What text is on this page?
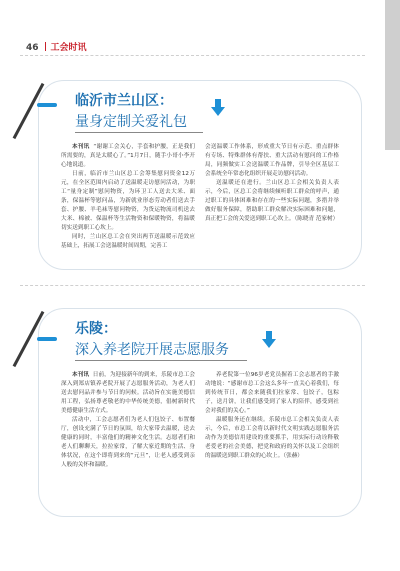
46 工会时讯
临沂市兰山区：
量身定制关爱礼包

本刊讯 “谢谢工会关心，手套和护腰，正是我们所需要的，真是太暖心了。”1月7日，随手小哥小李开心地说道。

日前，临沂市兰山区总工会筹集慰问资金12万元，在全区范围内启动了送温暖走访慰问活动，为职工“量身定制”慰问物资，为环卫工人送去大米、面条，保温杯等慰问品，为新就业形态劳动者们送去手套、护腰、羊毛袜等慰问物资，为货运物流司机送去大米、棉被、保温杯等生活物资和保暖物资，将温暖切实送到职工心坎上。

同时，兰山区总工会在突出两节送温暖示范效应基础上，拓展工会送温暖时间周期，完善工

会送温暖工作体系，形成重大节日有示范、重点群体有专场、特殊群体有帮扶、重大活动有慰问的工作格局，同频做实工会送温暖工作品牌，引导全区基层工会系统全年常态化组织开展走访慰问活动。

送温暖还在进行。兰山区总工会相关负责人表示，今后，区总工会将继续倾听职工群众的呼声，通过职工的具体困难和存在的一些实际问题，多措并举做好服务保障，帮助职工群众解决实际困难和问题，真正把工会的关爱送到职工心坎上。（陈晓青 范家树）

乐陵：
深入养老院开展志愿服务

本刊讯 日前，为迎接新年的到来，乐陵市总工会深入到郑店镇养老院开展了志愿服务活动，为老人们送去慰问品并参与节日的问候。活动旨在实施美德信用工程，弘扬尊老敬老的中华传统美德，倡树新时代美德健康生活方式。

活动中，工会志愿者们为老人们包饺子、布置餐厅，创设充满了节日的氛围，给大家带去温暖，送去健康的同时，丰富他们的精神文化生活。志愿者们和老人们聊聊天，拉拉家常，了解大家近期的生活、身体状况，在这个即将到来的“元旦”，让老人感受到亲人般的关怀和温暖。

养老院第一位96岁老党员握着工会志愿者的手激动地说：“感谢市总工会这么多年一直关心着我们，每到传统节日，都会来随我们拉家常、包饺子，包粽子，送月饼，让我们感受到了家人的陪伴，感受到社会对我们的关心。”

温暖服务还在继续。乐陵市总工会相关负责人表示，今后，市总工会将以新时代文明实践志愿服务活动作为美德信用建设的重要抓手，用实际行动诠释敬老爱老的社会美德，把党和政府的关怀以及工会组织的温暖送到职工群众的心坎上。（张赫）
